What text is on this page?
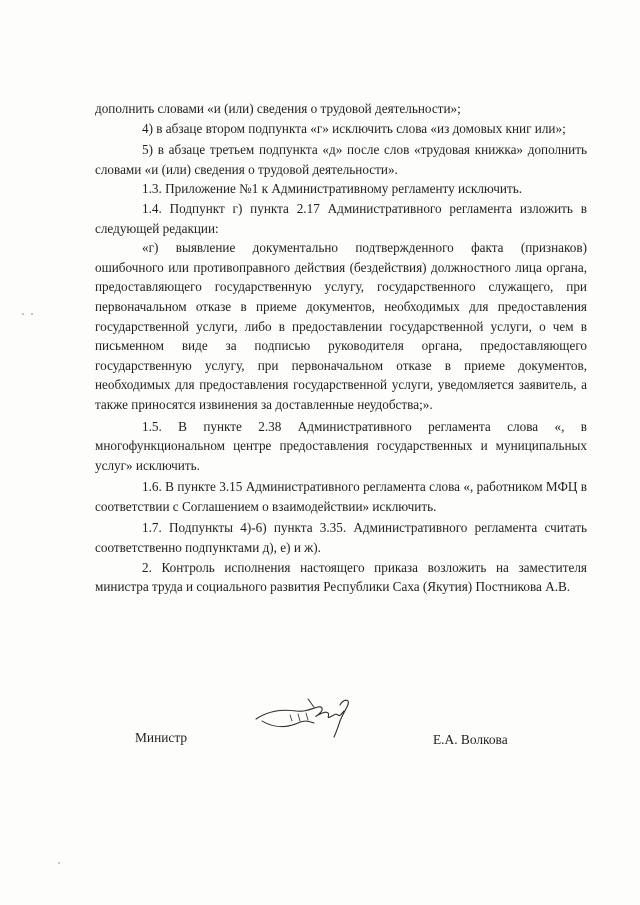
дополнить словами «и (или) сведения о трудовой деятельности»;

4) в абзаце втором подпункта «г» исключить слова «из домовых книг или»;

5) в абзаце третьем подпункта «д» после слов «трудовая книжка» дополнить словами «и (или) сведения о трудовой деятельности».

1.3. Приложение №1 к Административному регламенту исключить.

1.4. Подпункт г) пункта 2.17 Административного регламента изложить в следующей редакции:

«г) выявление документально подтвержденного факта (признаков) ошибочного или противоправного действия (бездействия) должностного лица органа, предоставляющего государственную услугу, государственного служащего, при первоначальном отказе в приеме документов, необходимых для предоставления государственной услуги, либо в предоставлении государственной услуги, о чем в письменном виде за подписью руководителя органа, предоставляющего государственную услугу, при первоначальном отказе в приеме документов, необходимых для предоставления государственной услуги, уведомляется заявитель, а также приносятся извинения за доставленные неудобства;».

1.5. В пункте 2.38 Административного регламента слова «, в многофункциональном центре предоставления государственных и муниципальных услуг» исключить.

1.6. В пункте 3.15 Административного регламента слова «, работником МФЦ в соответствии с Соглашением о взаимодействии» исключить.

1.7. Подпункты 4)-6) пункта 3.35. Административного регламента считать соответственно подпунктами д), е) и ж).

2. Контроль исполнения настоящего приказа возложить на заместителя министра труда и социального развития Республики Саха (Якутия) Постникова А.В.

Министр	Е.А. Волкова
